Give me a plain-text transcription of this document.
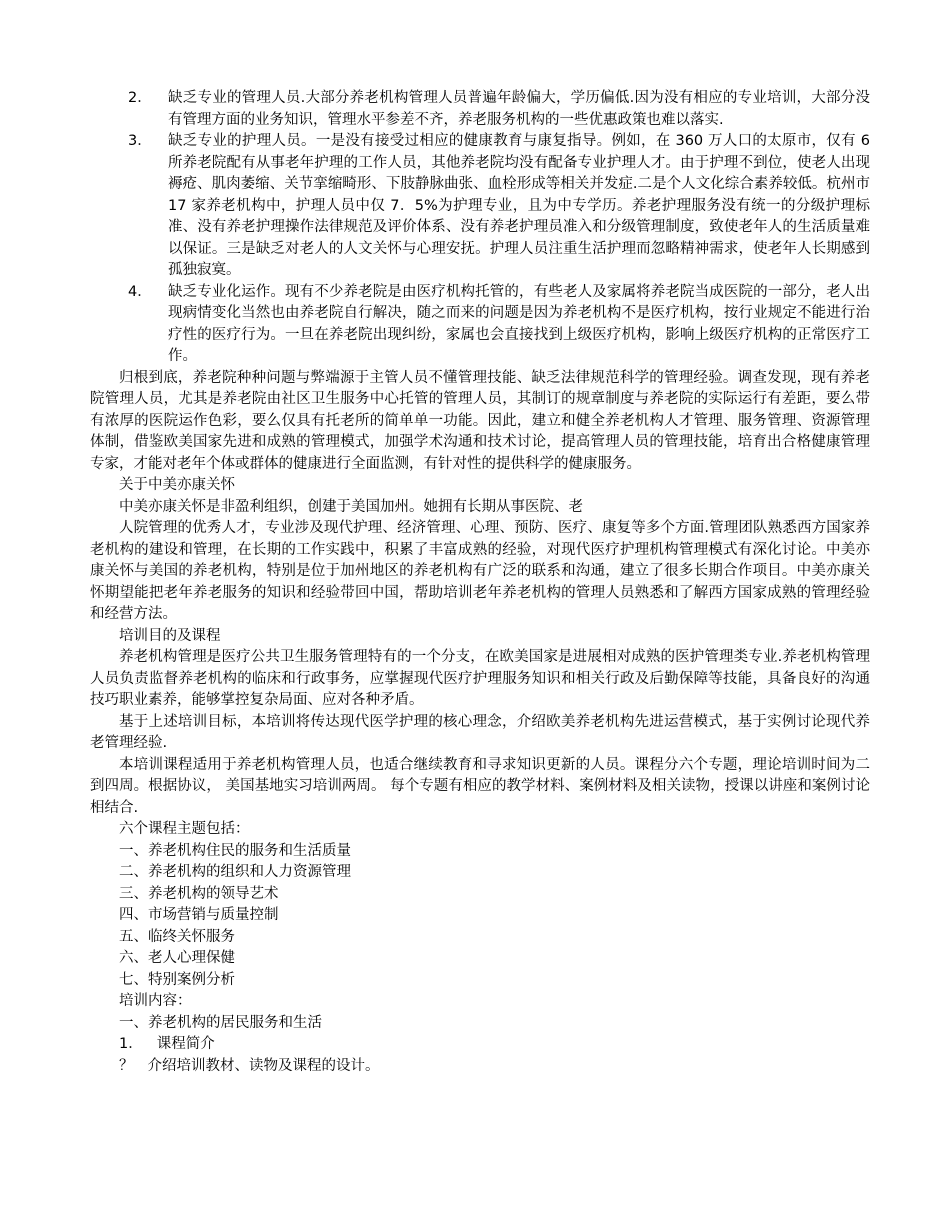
2．	缺乏专业的管理人员.大部分养老机构管理人员普遍年龄偏大，学历偏低.因为没有相应的专业培训，大部分没有管理方面的业务知识，管理水平参差不齐，养老服务机构的一些优惠政策也难以落实.
3．	缺乏专业的护理人员。一是没有接受过相应的健康教育与康复指导。例如，在 360 万人口的太原市，仅有 6 所养老院配有从事老年护理的工作人员，其他养老院均没有配备专业护理人才。由于护理不到位，使老人出现褥疮、肌肉萎缩、关节挛缩畸形、下肢静脉曲张、血栓形成等相关并发症.二是个人文化综合素养较低。杭州市 17 家养老机构中，护理人员中仅 7．5%为护理专业，且为中专学历。养老护理服务没有统一的分级护理标准、没有养老护理操作法律规范及评价体系、没有养老护理员准入和分级管理制度，致使老年人的生活质量难以保证。三是缺乏对老人的人文关怀与心理安抚。护理人员注重生活护理而忽略精神需求，使老年人长期感到孤独寂寞。
4．	缺乏专业化运作。现有不少养老院是由医疗机构托管的，有些老人及家属将养老院当成医院的一部分，老人出现病情变化当然也由养老院自行解决，随之而来的问题是因为养老机构不是医疗机构，按行业规定不能进行治疗性的医疗行为。一旦在养老院出现纠纷，家属也会直接找到上级医疗机构，影响上级医疗机构的正常医疗工作。

归根到底，养老院种种问题与弊端源于主管人员不懂管理技能、缺乏法律规范科学的管理经验。调查发现，现有养老院管理人员，尤其是养老院由社区卫生服务中心托管的管理人员，其制订的规章制度与养老院的实际运行有差距，要么带有浓厚的医院运作色彩，要么仅具有托老所的简单单一功能。因此，建立和健全养老机构人才管理、服务管理、资源管理体制，借鉴欧美国家先进和成熟的管理模式，加强学术沟通和技术讨论，提高管理人员的管理技能，培育出合格健康管理专家，才能对老年个体或群体的健康进行全面监测，有针对性的提供科学的健康服务。

关于中美亦康关怀

中美亦康关怀是非盈利组织，创建于美国加州。她拥有长期从事医院、老

人院管理的优秀人才，专业涉及现代护理、经济管理、心理、预防、医疗、康复等多个方面.管理团队熟悉西方国家养老机构的建设和管理，在长期的工作实践中，积累了丰富成熟的经验，对现代医疗护理机构管理模式有深化讨论。中美亦康关怀与美国的养老机构，特别是位于加州地区的养老机构有广泛的联系和沟通，建立了很多长期合作项目。中美亦康关怀期望能把老年养老服务的知识和经验带回中国，帮助培训老年养老机构的管理人员熟悉和了解西方国家成熟的管理经验和经营方法。

培训目的及课程

养老机构管理是医疗公共卫生服务管理特有的一个分支，在欧美国家是进展相对成熟的医护管理类专业.养老机构管理人员负责监督养老机构的临床和行政事务，应掌握现代医疗护理服务知识和相关行政及后勤保障等技能，具备良好的沟通技巧职业素养，能够掌控复杂局面、应对各种矛盾。

基于上述培训目标，本培训将传达现代医学护理的核心理念，介绍欧美养老机构先进运营模式，基于实例讨论现代养老管理经验.

本培训课程适用于养老机构管理人员，也适合继续教育和寻求知识更新的人员。课程分六个专题，理论培训时间为二到四周。根据协议， 美国基地实习培训两周。 每个专题有相应的教学材料、案例材料及相关读物，授课以讲座和案例讨论相结合.

六个课程主题包括：

一、养老机构住民的服务和生活质量
二、养老机构的组织和人力资源管理
三、养老机构的领导艺术
四、市场营销与质量控制
五、临终关怀服务
六、老人心理保健
七、特别案例分析

培训内容：

一、养老机构的居民服务和生活

1． 课程简介
？ 介绍培训教材、读物及课程的设计。
